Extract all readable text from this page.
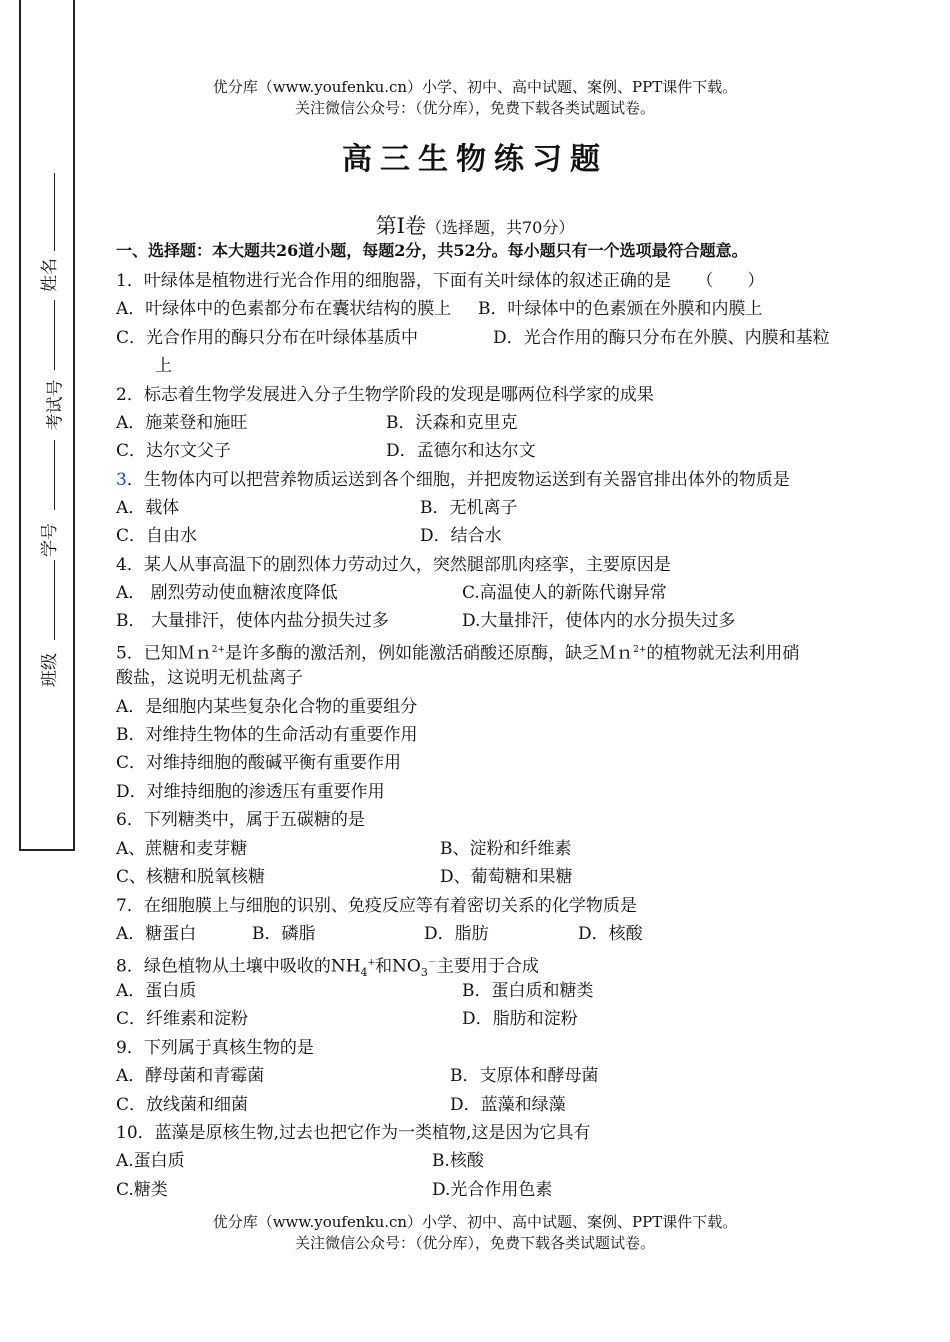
姓名
考试号
学号
班级
优分库（www.youfenku.cn）小学、初中、高中试题、案例、PPT课件下载。
关注微信公众号：（优分库），免费下载各类试题试卷。
高三生物练习题
第Ⅰ卷（选择题，共70分）
一、选择题：本大题共26道小题，每题2分，共52分。每小题只有一个选项最符合题意。
1．叶绿体是植物进行光合作用的细胞器，下面有关叶绿体的叙述正确的是　　（　　）
A．叶绿体中的色素都分布在囊状结构的膜上 B．叶绿体中的色素颁在外膜和内膜上
C．光合作用的酶只分布在叶绿体基质中	D．光合作用的酶只分布在外膜、内膜和基粒
上
2．标志着生物学发展进入分子生物学阶段的发现是哪两位科学家的成果
A．施莱登和施旺	B．沃森和克里克
C．达尔文父子	D．孟德尔和达尔文
3．生物体内可以把营养物质运送到各个细胞，并把废物运送到有关器官排出体外的物质是
A．载体	B．无机离子
C．自由水	D．结合水
4．某人从事高温下的剧烈体力劳动过久，突然腿部肌肉痉挛，主要原因是
A． 剧烈劳动使血糖浓度降低	C.高温使人的新陈代谢异常
B． 大量排汗，使体内盐分损失过多	D.大量排汗，使体内的水分损失过多
5．已知Ｍｎ$^{2+}$是许多酶的激活剂，例如能激活硝酸还原酶，缺乏Ｍｎ$^{2+}$的植物就无法利用硝
酸盐，这说明无机盐离子
A．是细胞内某些复杂化合物的重要组分
B．对维持生物体的生命活动有重要作用
C．对维持细胞的酸碱平衡有重要作用
D．对维持细胞的渗透压有重要作用
6．下列糖类中，属于五碳糖的是
A、蔗糖和麦芽糖	B、淀粉和纤维素
C、核糖和脱氧核糖	D、葡萄糖和果糖
7．在细胞膜上与细胞的识别、免疫反应等有着密切关系的化学物质是
A．糖蛋白	B．磷脂	D．脂肪	D．核酸
8．绿色植物从土壤中吸收的$NH_4^+$和$NO_3^-$主要用于合成
A．蛋白质	B．蛋白质和糖类
C．纤维素和淀粉	D．脂肪和淀粉
9．下列属于真核生物的是
A．酵母菌和青霉菌	B．支原体和酵母菌
C．放线菌和细菌	D．蓝藻和绿藻
10．蓝藻是原核生物,过去也把它作为一类植物,这是因为它具有
A.蛋白质	B.核酸
C.糖类	D.光合作用色素
优分库（www.youfenku.cn）小学、初中、高中试题、案例、PPT课件下载。
关注微信公众号：（优分库），免费下载各类试题试卷。
